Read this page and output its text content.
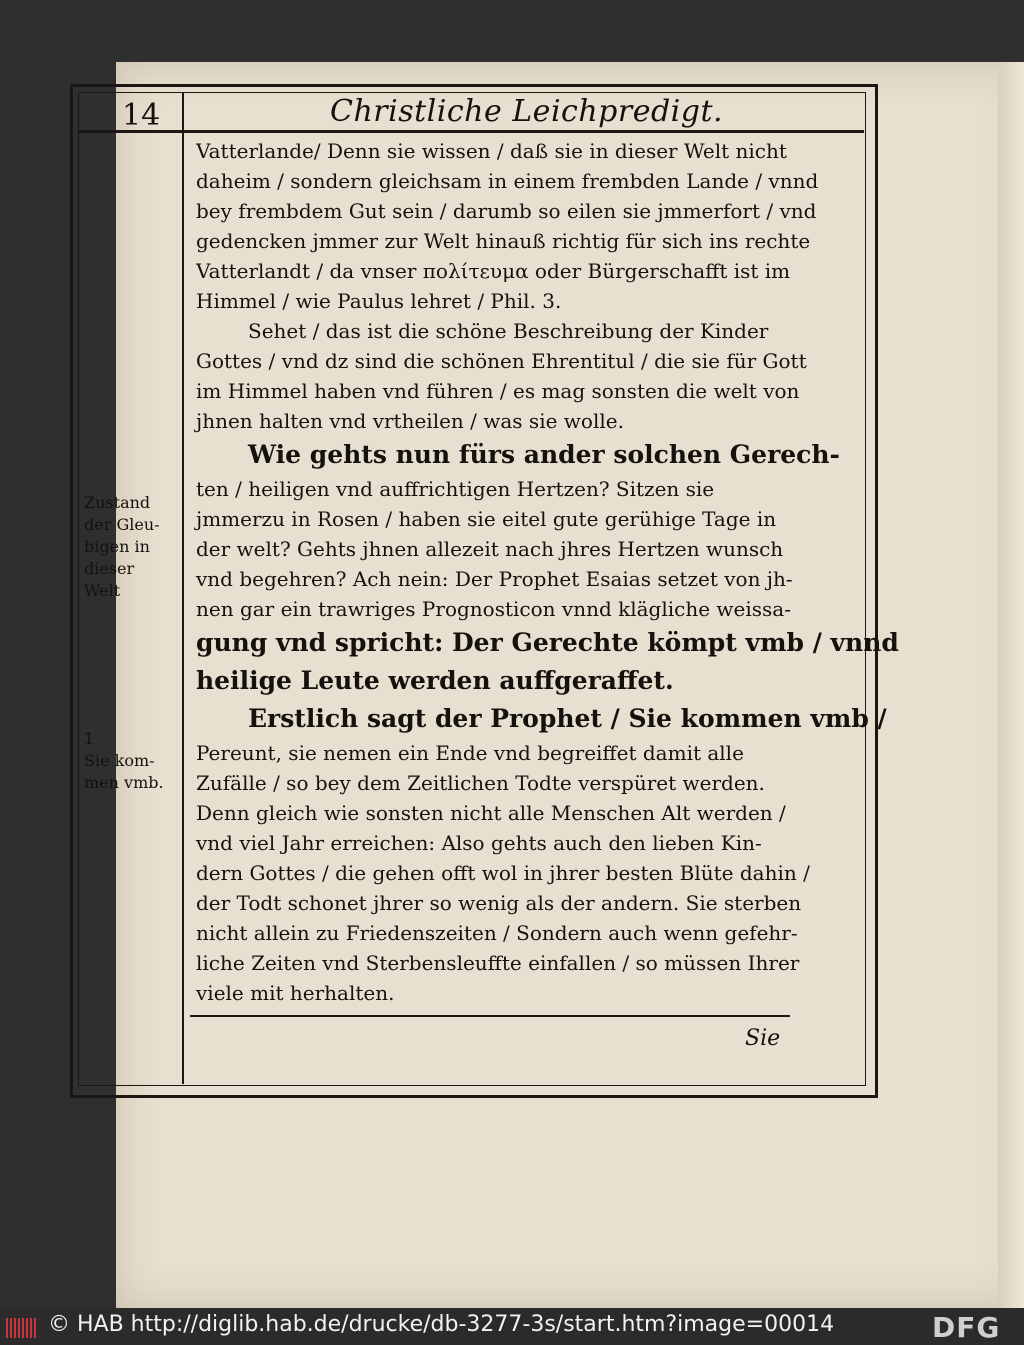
14	Christliche Leichpredigt.
Vatterlande/ Denn sie wissen / daß sie in dieser Welt nicht
daheim / sondern gleichsam in einem frembden Lande / vnnd
bey frembdem Gut sein / darumb so eilen sie jmmerfort / vnd
gedencken jmmer zur Welt hinauß richtig für sich ins rechte
Vatterlandt / da vnser πολίτευμα oder Bürgerschafft ist im
Himmel / wie Paulus lehret / Phil. 3.
Sehet / das ist die schöne Beschreibung der Kinder
Gottes / vnd dz sind die schönen Ehrentitul / die sie für Gott
im Himmel haben vnd führen / es mag sonsten die welt von
jhnen halten vnd vrtheilen / was sie wolle.
Wie gehts nun fürs ander solchen Gerech-
ten / heiligen vnd auffrichtigen Hertzen? Sitzen sie
jmmerzu in Rosen / haben sie eitel gute gerühige Tage in
der welt? Gehts jhnen allezeit nach jhres Hertzen wunsch
vnd begehren? Ach nein: Der Prophet Esaias setzet von jh-
nen gar ein trawriges Prognosticon vnnd klägliche weissa-
gung vnd spricht: Der Gerechte kömpt vmb / vnnd
heilige Leute werden auffgeraffet.
Erstlich sagt der Prophet / Sie kommen vmb /
Pereunt, sie nemen ein Ende vnd begreiffet damit alle
Zufälle / so bey dem Zeitlichen Todte verspüret werden.
Denn gleich wie sonsten nicht alle Menschen Alt werden /
vnd viel Jahr erreichen: Also gehts auch den lieben Kin-
dern Gottes / die gehen offt wol in jhrer besten Blüte dahin /
der Todt schonet jhrer so wenig als der andern. Sie sterben
nicht allein zu Friedenszeiten / Sondern auch wenn gefehr-
liche Zeiten vnd Sterbensleuffte einfallen / so müssen Ihrer
viele mit herhalten.
Zustand
der Gleu-
bigen in
dieser
Welt
1
Sie kom-
men vmb.
Sie
© HAB http://diglib.hab.de/drucke/db-3277-3s/start.htm?image=00014	DFG
